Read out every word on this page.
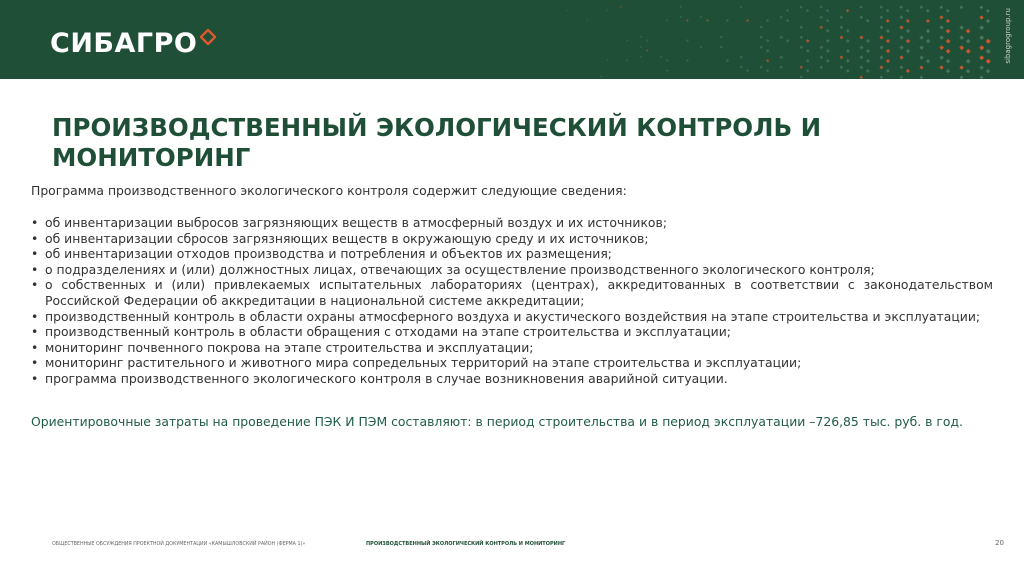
СИБАГРО	sibagrogroup.ru
ПРОИЗВОДСТВЕННЫЙ ЭКОЛОГИЧЕСКИЙ КОНТРОЛЬ И МОНИТОРИНГ
Программа производственного экологического контроля содержит следующие сведения:
• об инвентаризации выбросов загрязняющих веществ в атмосферный воздух и их источников;
• об инвентаризации сбросов загрязняющих веществ в окружающую среду и их источников;
• об инвентаризации отходов производства и потребления и объектов их размещения;
• о подразделениях и (или) должностных лицах, отвечающих за осуществление производственного экологического контроля;
• о собственных и (или) привлекаемых испытательных лабораториях (центрах), аккредитованных в соответствии с законодательством Российской Федерации об аккредитации в национальной системе аккредитации;
• производственный контроль в области охраны атмосферного воздуха и акустического воздействия на этапе строительства и эксплуатации;
• производственный контроль в области обращения с отходами на этапе строительства и эксплуатации;
• мониторинг почвенного покрова на этапе строительства и эксплуатации;
• мониторинг растительного и животного мира сопредельных территорий на этапе строительства и эксплуатации;
• программа производственного экологического контроля в случае возникновения аварийной ситуации.
Ориентировочные затраты на проведение ПЭК И ПЭМ составляют: в период строительства и в период эксплуатации –726,85 тыс. руб. в год.
ОБЩЕСТВЕННЫЕ ОБСУЖДЕНИЯ ПРОЕКТНОЙ ДОКУМЕНТАЦИИ «КАМЫШЛОВСКИЙ РАЙОН (ФЕРМА 1)»	ПРОИЗВОДСТВЕННЫЙ ЭКОЛОГИЧЕСКИЙ КОНТРОЛЬ И МОНИТОРИНГ	20
